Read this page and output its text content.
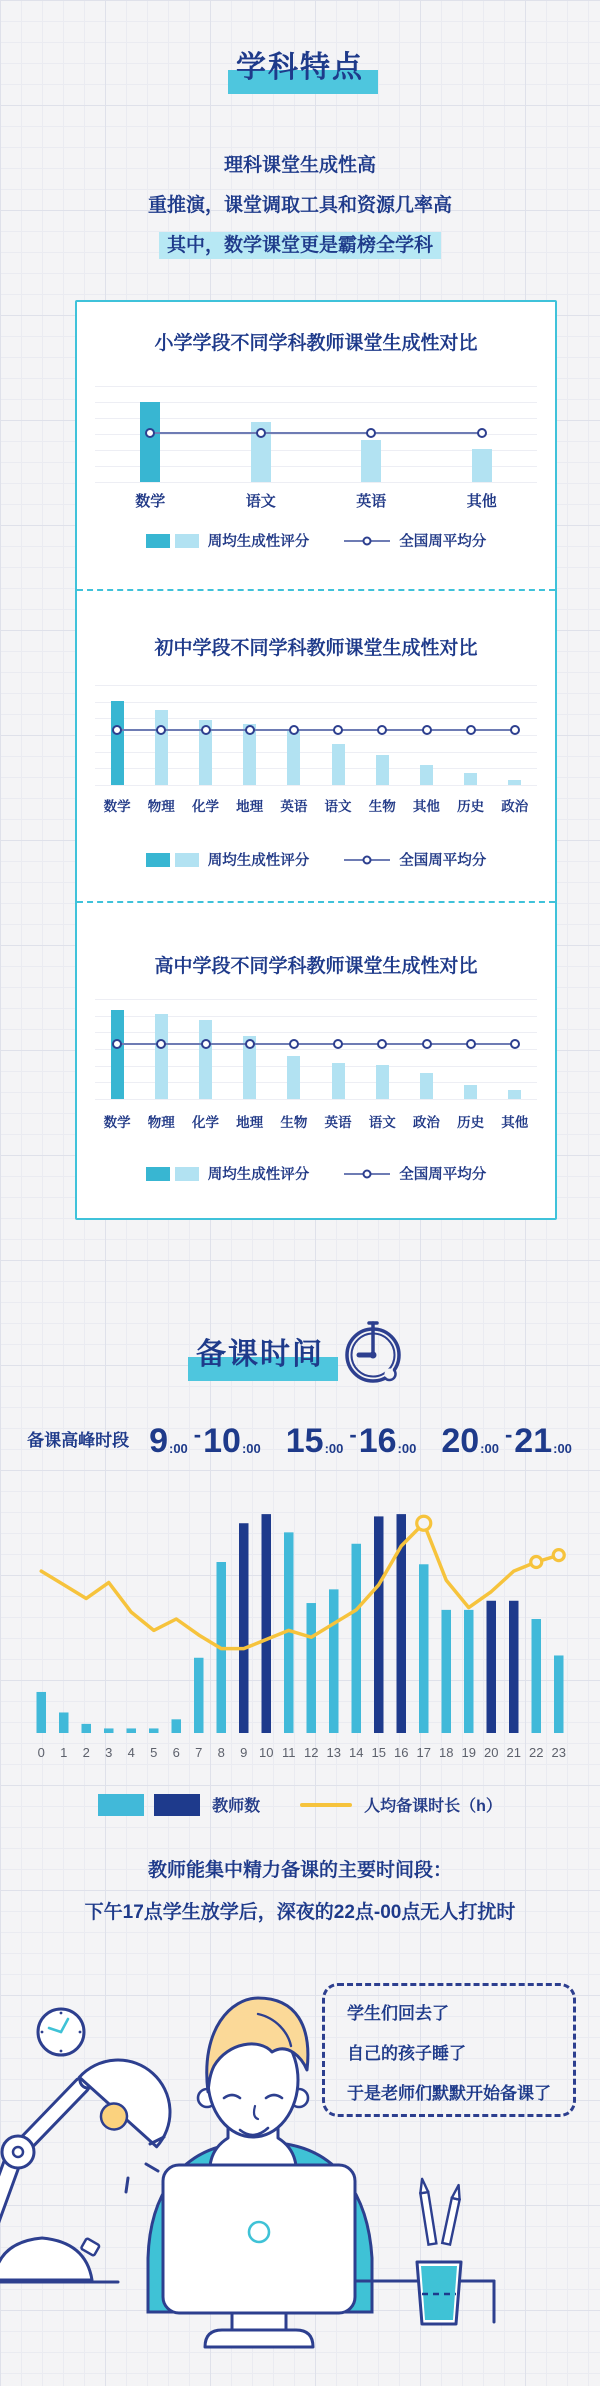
学科特点
理科课堂生成性高
重推演，课堂调取工具和资源几率高
其中，数学课堂更是霸榜全学科
小学学段不同学科教师课堂生成性对比
数学	语文	英语	其他
周均生成性评分	全国周平均分
初中学段不同学科教师课堂生成性对比
数学	物理	化学	地理	英语	语文	生物	其他	历史	政治
周均生成性评分	全国周平均分
高中学段不同学科教师课堂生成性对比
数学	物理	化学	地理	生物	英语	语文	政治	历史	其他
周均生成性评分	全国周平均分
备课时间
备课高峰时段 9 :00
- 10 :00 15 :00
- 16 :00 20 :00
- 21 :00
0	1	2	3	4	5	6	7	8	9 10 11 12 13 14 15 16 17 18 19 20 21 22 23
教师数	人均备课时长（h）
教师能集中精力备课的主要时间段：
下午17点学生放学后，深夜的22点-00点无人打扰时
学生们回去了
自己的孩子睡了
于是老师们默默开始备课了
